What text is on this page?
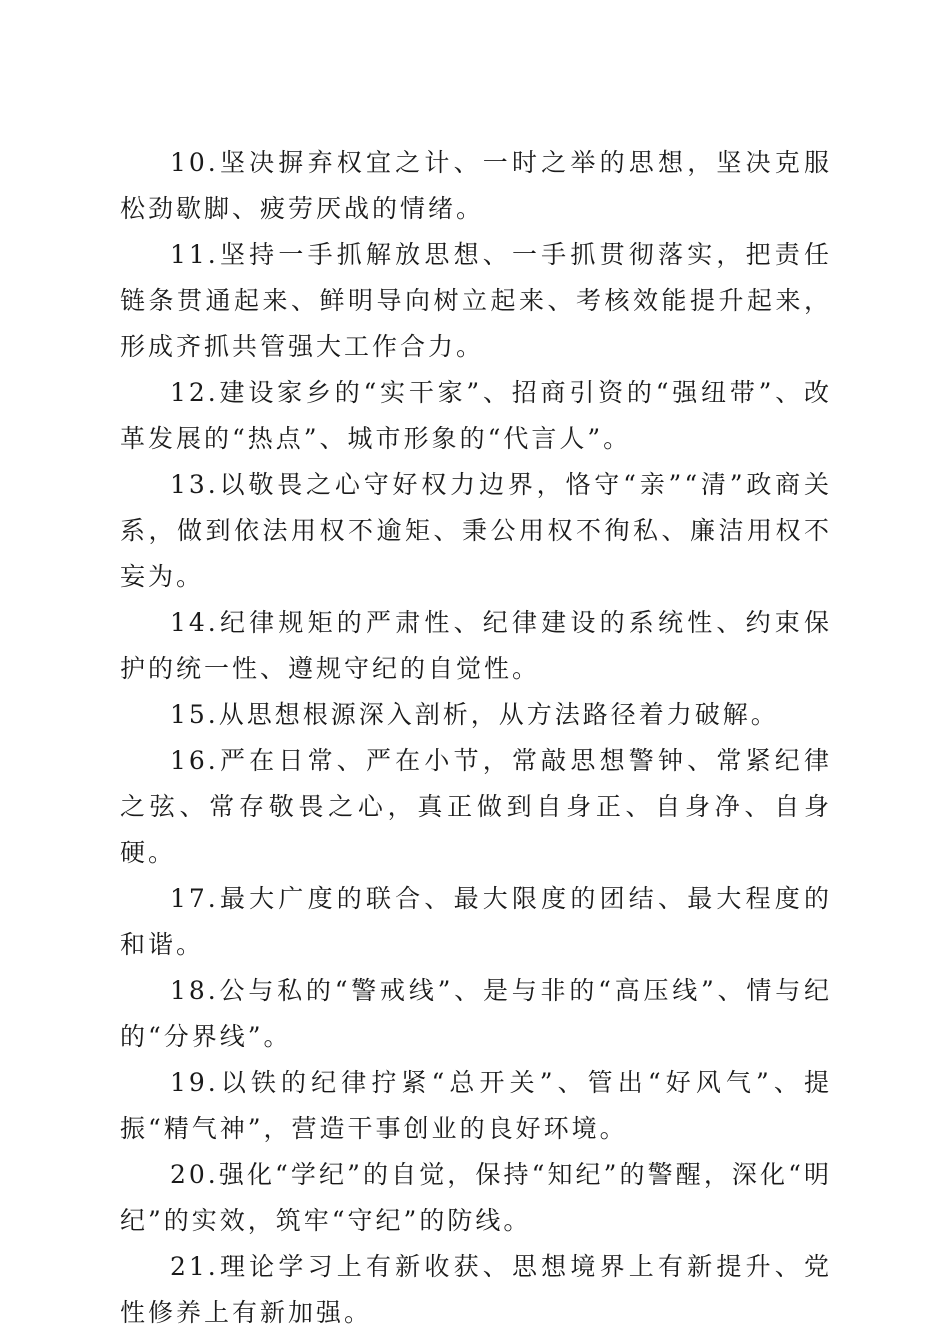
10.坚决摒弃权宜之计、一时之举的思想，坚决克服松劲歇脚、疲劳厌战的情绪。

11.坚持一手抓解放思想、一手抓贯彻落实，把责任链条贯通起来、鲜明导向树立起来、考核效能提升起来，形成齐抓共管强大工作合力。

12.建设家乡的“实干家”、招商引资的“强纽带”、改革发展的“热点”、城市形象的“代言人”。

13.以敬畏之心守好权力边界，恪守“亲”“清”政商关系，做到依法用权不逾矩、秉公用权不徇私、廉洁用权不妄为。

14.纪律规矩的严肃性、纪律建设的系统性、约束保护的统一性、遵规守纪的自觉性。

15.从思想根源深入剖析，从方法路径着力破解。

16.严在日常、严在小节，常敲思想警钟、常紧纪律之弦、常存敬畏之心，真正做到自身正、自身净、自身硬。

17.最大广度的联合、最大限度的团结、最大程度的和谐。

18.公与私的“警戒线”、是与非的“高压线”、情与纪的“分界线”。

19.以铁的纪律拧紧“总开关”、管出“好风气”、提振“精气神”，营造干事创业的良好环境。

20.强化“学纪”的自觉，保持“知纪”的警醒，深化“明纪”的实效，筑牢“守纪”的防线。

21.理论学习上有新收获、思想境界上有新提升、党性修养上有新加强。
